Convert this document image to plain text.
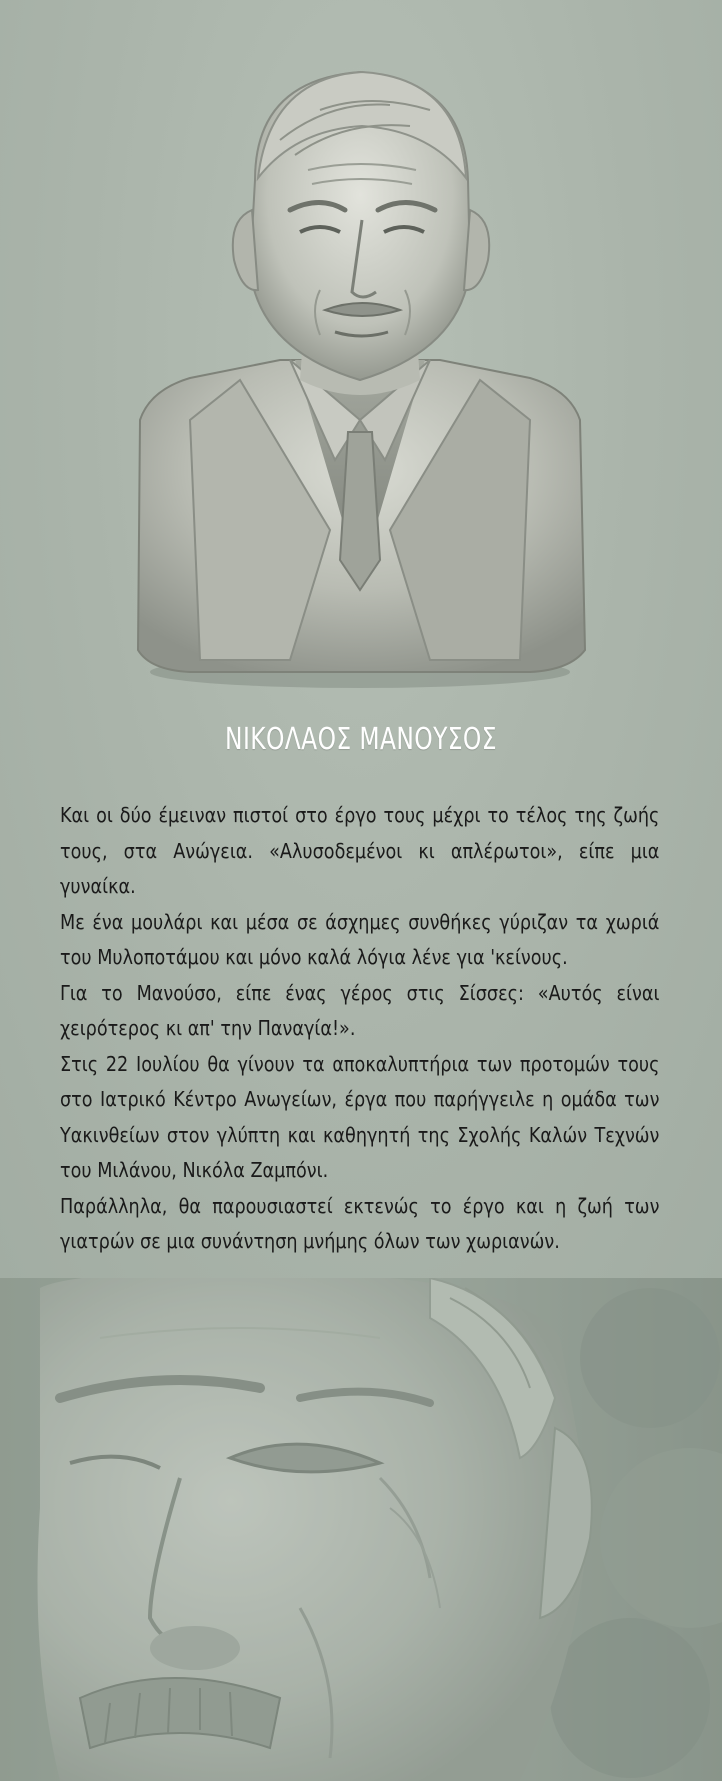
ΝΙΚΟΛΑΟΣ ΜΑΝΟΥΣΟΣ

Και οι δύο έμειναν πιστοί στο έργο τους μέχρι το τέλος της ζωής τους, στα Ανώγεια. «Αλυσοδεμένοι κι απλέρωτοι», είπε μια γυναίκα.

Με ένα μουλάρι και μέσα σε άσχημες συνθήκες γύριζαν τα χωριά του Μυλοποτάμου και μόνο καλά λόγια λένε για 'κείνους.

Για το Μανούσο, είπε ένας γέρος στις Σίσσες: «Αυτός είναι χειρότερος κι απ' την Παναγία!».

Στις 22 Ιουλίου θα γίνουν τα αποκαλυπτήρια των προτομών τους στο Ιατρικό Κέντρο Ανωγείων, έργα που παρήγγειλε η ομάδα των Υακινθείων στον γλύπτη και καθηγητή της Σχολής Καλών Τεχνών του Μιλάνου, Νικόλα Ζαμπόνι.

Παράλληλα, θα παρουσιαστεί εκτενώς το έργο και η ζωή των γιατρών σε μια συνάντηση μνήμης όλων των χωριανών.
